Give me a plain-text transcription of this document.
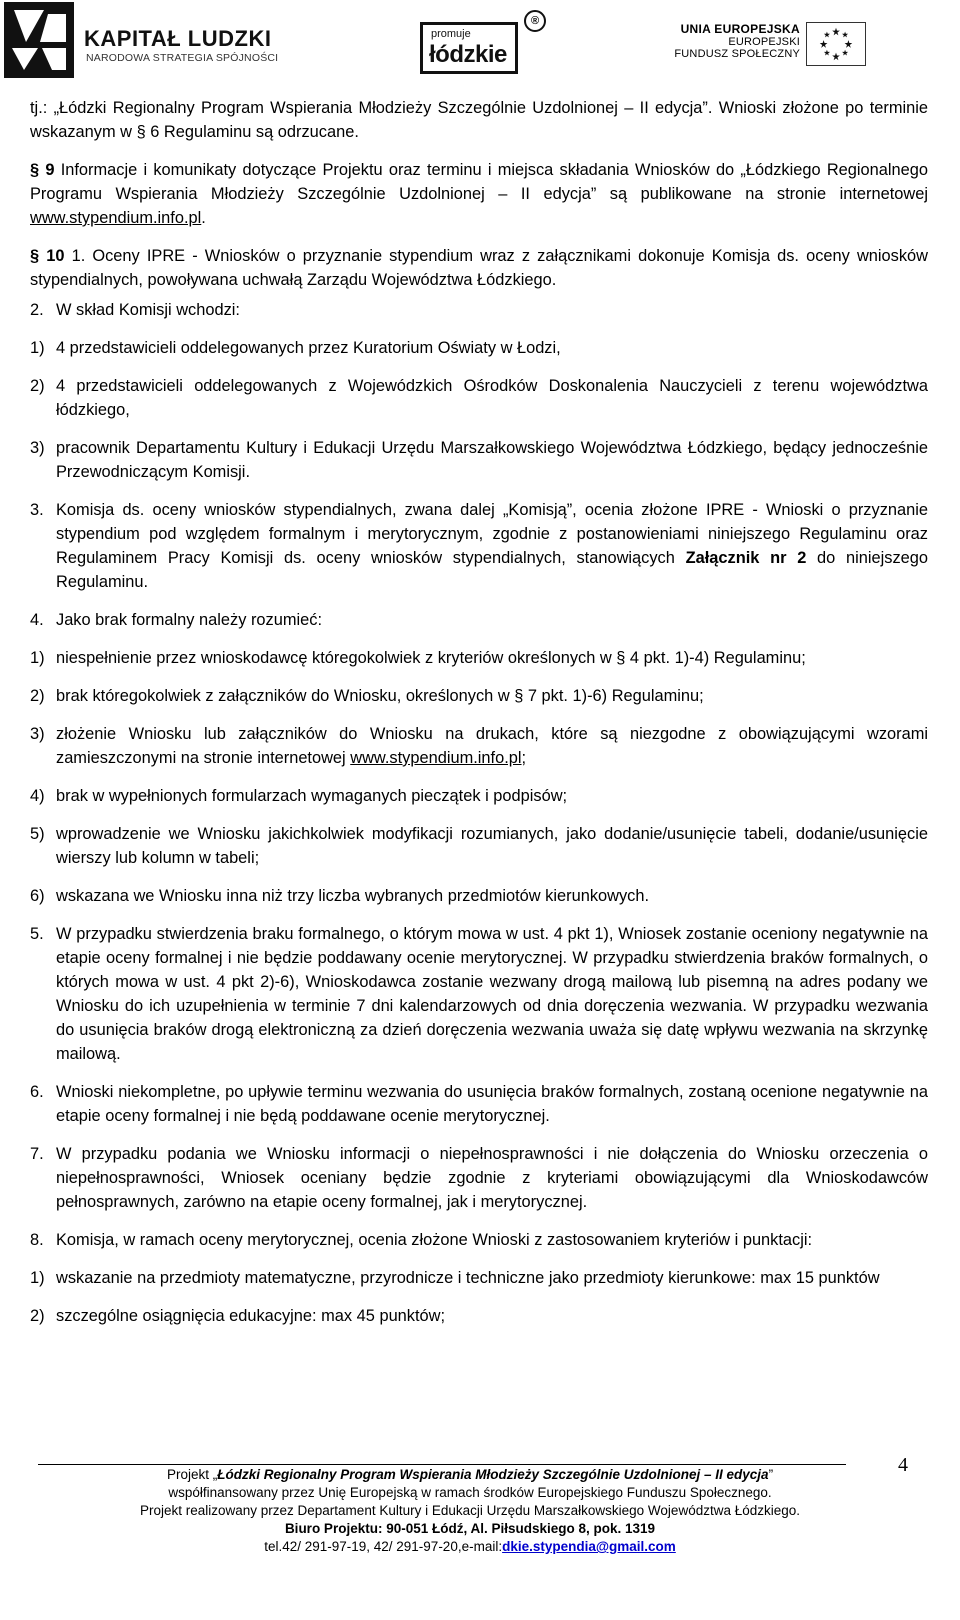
KAPITAŁ LUDZKI
NARODOWA STRATEGIA SPÓJNOŚCI
promuje
łódzkie
®
UNIA EUROPEJSKA
EUROPEJSKI
FUNDUSZ SPOŁECZNY

tj.: „Łódzki Regionalny Program Wspierania Młodzieży Szczególnie Uzdolnionej – II edycja”. Wnioski złożone po terminie wskazanym w § 6 Regulaminu są odrzucane.

§ 9 Informacje i komunikaty dotyczące Projektu oraz terminu i miejsca składania Wniosków do „Łódzkiego Regionalnego Programu Wspierania Młodzieży Szczególnie Uzdolnionej – II edycja” są publikowane na stronie internetowej www.stypendium.info.pl.

§ 10 1. Oceny IPRE - Wniosków o przyznanie stypendium wraz z załącznikami dokonuje Komisja ds. oceny wniosków stypendialnych, powoływana uchwałą Zarządu Województwa Łódzkiego.

2. W skład Komisji wchodzi:
1) 4 przedstawicieli oddelegowanych przez Kuratorium Oświaty w Łodzi,
2) 4 przedstawicieli oddelegowanych z Wojewódzkich Ośrodków Doskonalenia Nauczycieli z terenu województwa łódzkiego,
3) pracownik Departamentu Kultury i Edukacji Urzędu Marszałkowskiego Województwa Łódzkiego, będący jednocześnie Przewodniczącym Komisji.
3. Komisja ds. oceny wniosków stypendialnych, zwana dalej „Komisją”, ocenia złożone IPRE - Wnioski o przyznanie stypendium pod względem formalnym i merytorycznym, zgodnie z postanowieniami niniejszego Regulaminu oraz Regulaminem Pracy Komisji ds. oceny wniosków stypendialnych, stanowiących Załącznik nr 2 do niniejszego Regulaminu.
4. Jako brak formalny należy rozumieć:
1) niespełnienie przez wnioskodawcę któregokolwiek z kryteriów określonych w § 4 pkt. 1)-4) Regulaminu;
2) brak któregokolwiek z załączników do Wniosku, określonych w § 7 pkt. 1)-6) Regulaminu;
3) złożenie Wniosku lub załączników do Wniosku na drukach, które są niezgodne z obowiązującymi wzorami zamieszczonymi na stronie internetowej www.stypendium.info.pl;
4) brak w wypełnionych formularzach wymaganych pieczątek i podpisów;
5) wprowadzenie we Wniosku jakichkolwiek modyfikacji rozumianych, jako dodanie/usunięcie tabeli, dodanie/usunięcie wierszy lub kolumn w tabeli;
6) wskazana we Wniosku inna niż trzy liczba wybranych przedmiotów kierunkowych.
5. W przypadku stwierdzenia braku formalnego, o którym mowa w ust. 4 pkt 1), Wniosek zostanie oceniony negatywnie na etapie oceny formalnej i nie będzie poddawany ocenie merytorycznej. W przypadku stwierdzenia braków formalnych, o których mowa w ust. 4 pkt 2)-6), Wnioskodawca zostanie wezwany drogą mailową lub pisemną na adres podany we Wniosku do ich uzupełnienia w terminie 7 dni kalendarzowych od dnia doręczenia wezwania. W przypadku wezwania do usunięcia braków drogą elektroniczną za dzień doręczenia wezwania uważa się datę wpływu wezwania na skrzynkę mailową.
6. Wnioski niekompletne, po upływie terminu wezwania do usunięcia braków formalnych, zostaną ocenione negatywnie na etapie oceny formalnej i nie będą poddawane ocenie merytorycznej.
7. W przypadku podania we Wniosku informacji o niepełnosprawności i nie dołączenia do Wniosku orzeczenia o niepełnosprawności, Wniosek oceniany będzie zgodnie z kryteriami obowiązującymi dla Wnioskodawców pełnosprawnych, zarówno na etapie oceny formalnej, jak i merytorycznej.
8. Komisja, w ramach oceny merytorycznej, ocenia złożone Wnioski z zastosowaniem kryteriów i punktacji:
1) wskazanie na przedmioty matematyczne, przyrodnicze i techniczne jako przedmioty kierunkowe: max 15 punktów
2) szczególne osiągnięcia edukacyjne: max 45 punktów;
4
Projekt „Łódzki Regionalny Program Wspierania Młodzieży Szczególnie Uzdolnionej – II edycja”
współfinansowany przez Unię Europejską w ramach środków Europejskiego Funduszu Społecznego.
Projekt realizowany przez Departament Kultury i Edukacji Urzędu Marszałkowskiego Województwa Łódzkiego.
Biuro Projektu: 90-051 Łódź, Al. Piłsudskiego 8, pok. 1319
tel.42/ 291-97-19, 42/ 291-97-20,e-mail:dkie.stypendia@gmail.com
